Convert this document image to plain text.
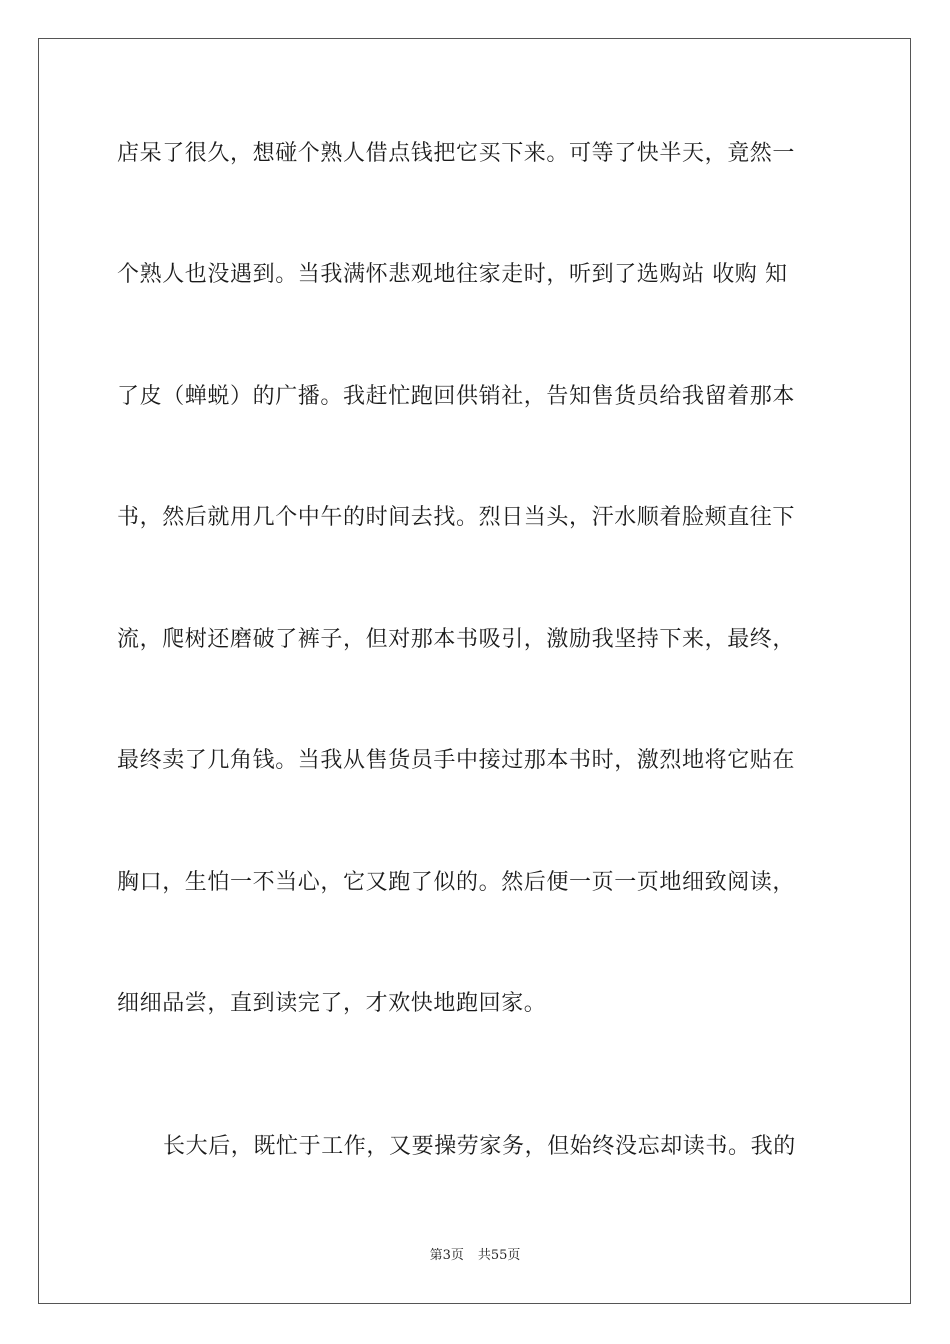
店呆了很久，想碰个熟人借点钱把它买下来。可等了快半天，竟然一
个熟人也没遇到。当我满怀悲观地往家走时，听到了选购站 收购 知
了皮（蝉蜕）的广播。我赶忙跑回供销社，告知售货员给我留着那本
书，然后就用几个中午的时间去找。烈日当头，汗水顺着脸颊直往下
流，爬树还磨破了裤子，但对那本书吸引，激励我坚持下来，最终，
最终卖了几角钱。当我从售货员手中接过那本书时，激烈地将它贴在
胸口，生怕一不当心，它又跑了似的。然后便一页一页地细致阅读，
细细品尝，直到读完了，才欢快地跑回家。
长大后，既忙于工作，又要操劳家务，但始终没忘却读书。我的
第3页 共55页
